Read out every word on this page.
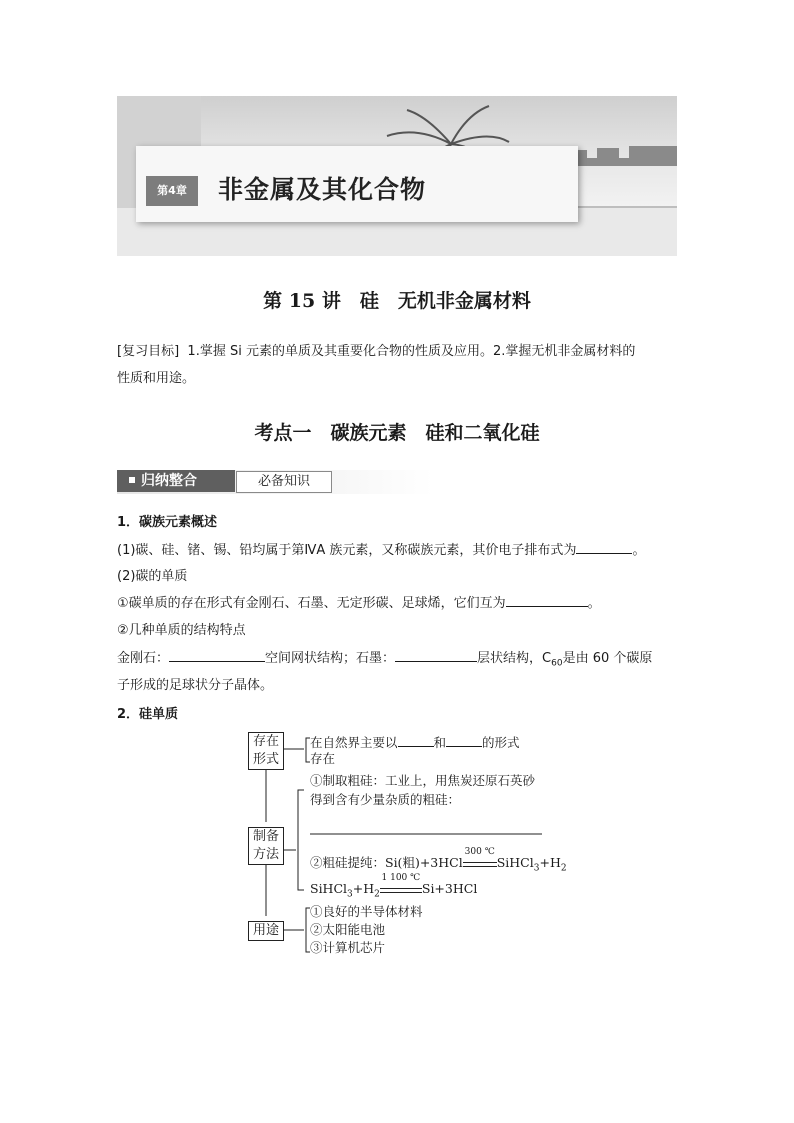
第4章	非金属及其化合物
第 15 讲　硅　无机非金属材料
[复习目标] 1.掌握 Si 元素的单质及其重要化合物的性质及应用。2.掌握无机非金属材料的
性质和用途。
考点一　碳族元素　硅和二氧化硅
归纳整合	必备知识
1．碳族元素概述
(1)碳、硅、锗、锡、铅均属于第ⅣA 族元素，又称碳族元素，其价电子排布式为	。
(2)碳的单质
①碳单质的存在形式有金刚石、石墨、无定形碳、足球烯，它们互为	。
②几种单质的结构特点
金刚石：	空间网状结构；石墨：	层状结构，$C_{60}$是由 60 个碳原
子形成的足球状分子晶体。
2．硅单质
存在
形式
在自然界主要以	和	的形式
存在
制备
方法
①制取粗硅：工业上，用焦炭还原石英砂
得到含有少量杂质的粗硅：
②粗硅提纯：Si(粗)+3HCl
300 ℃
$SiHCl_3+H_2$
$SiHCl_3+H_2$
1 100 ℃
Si+3HCl
用途
①良好的半导体材料
②太阳能电池
③计算机芯片
